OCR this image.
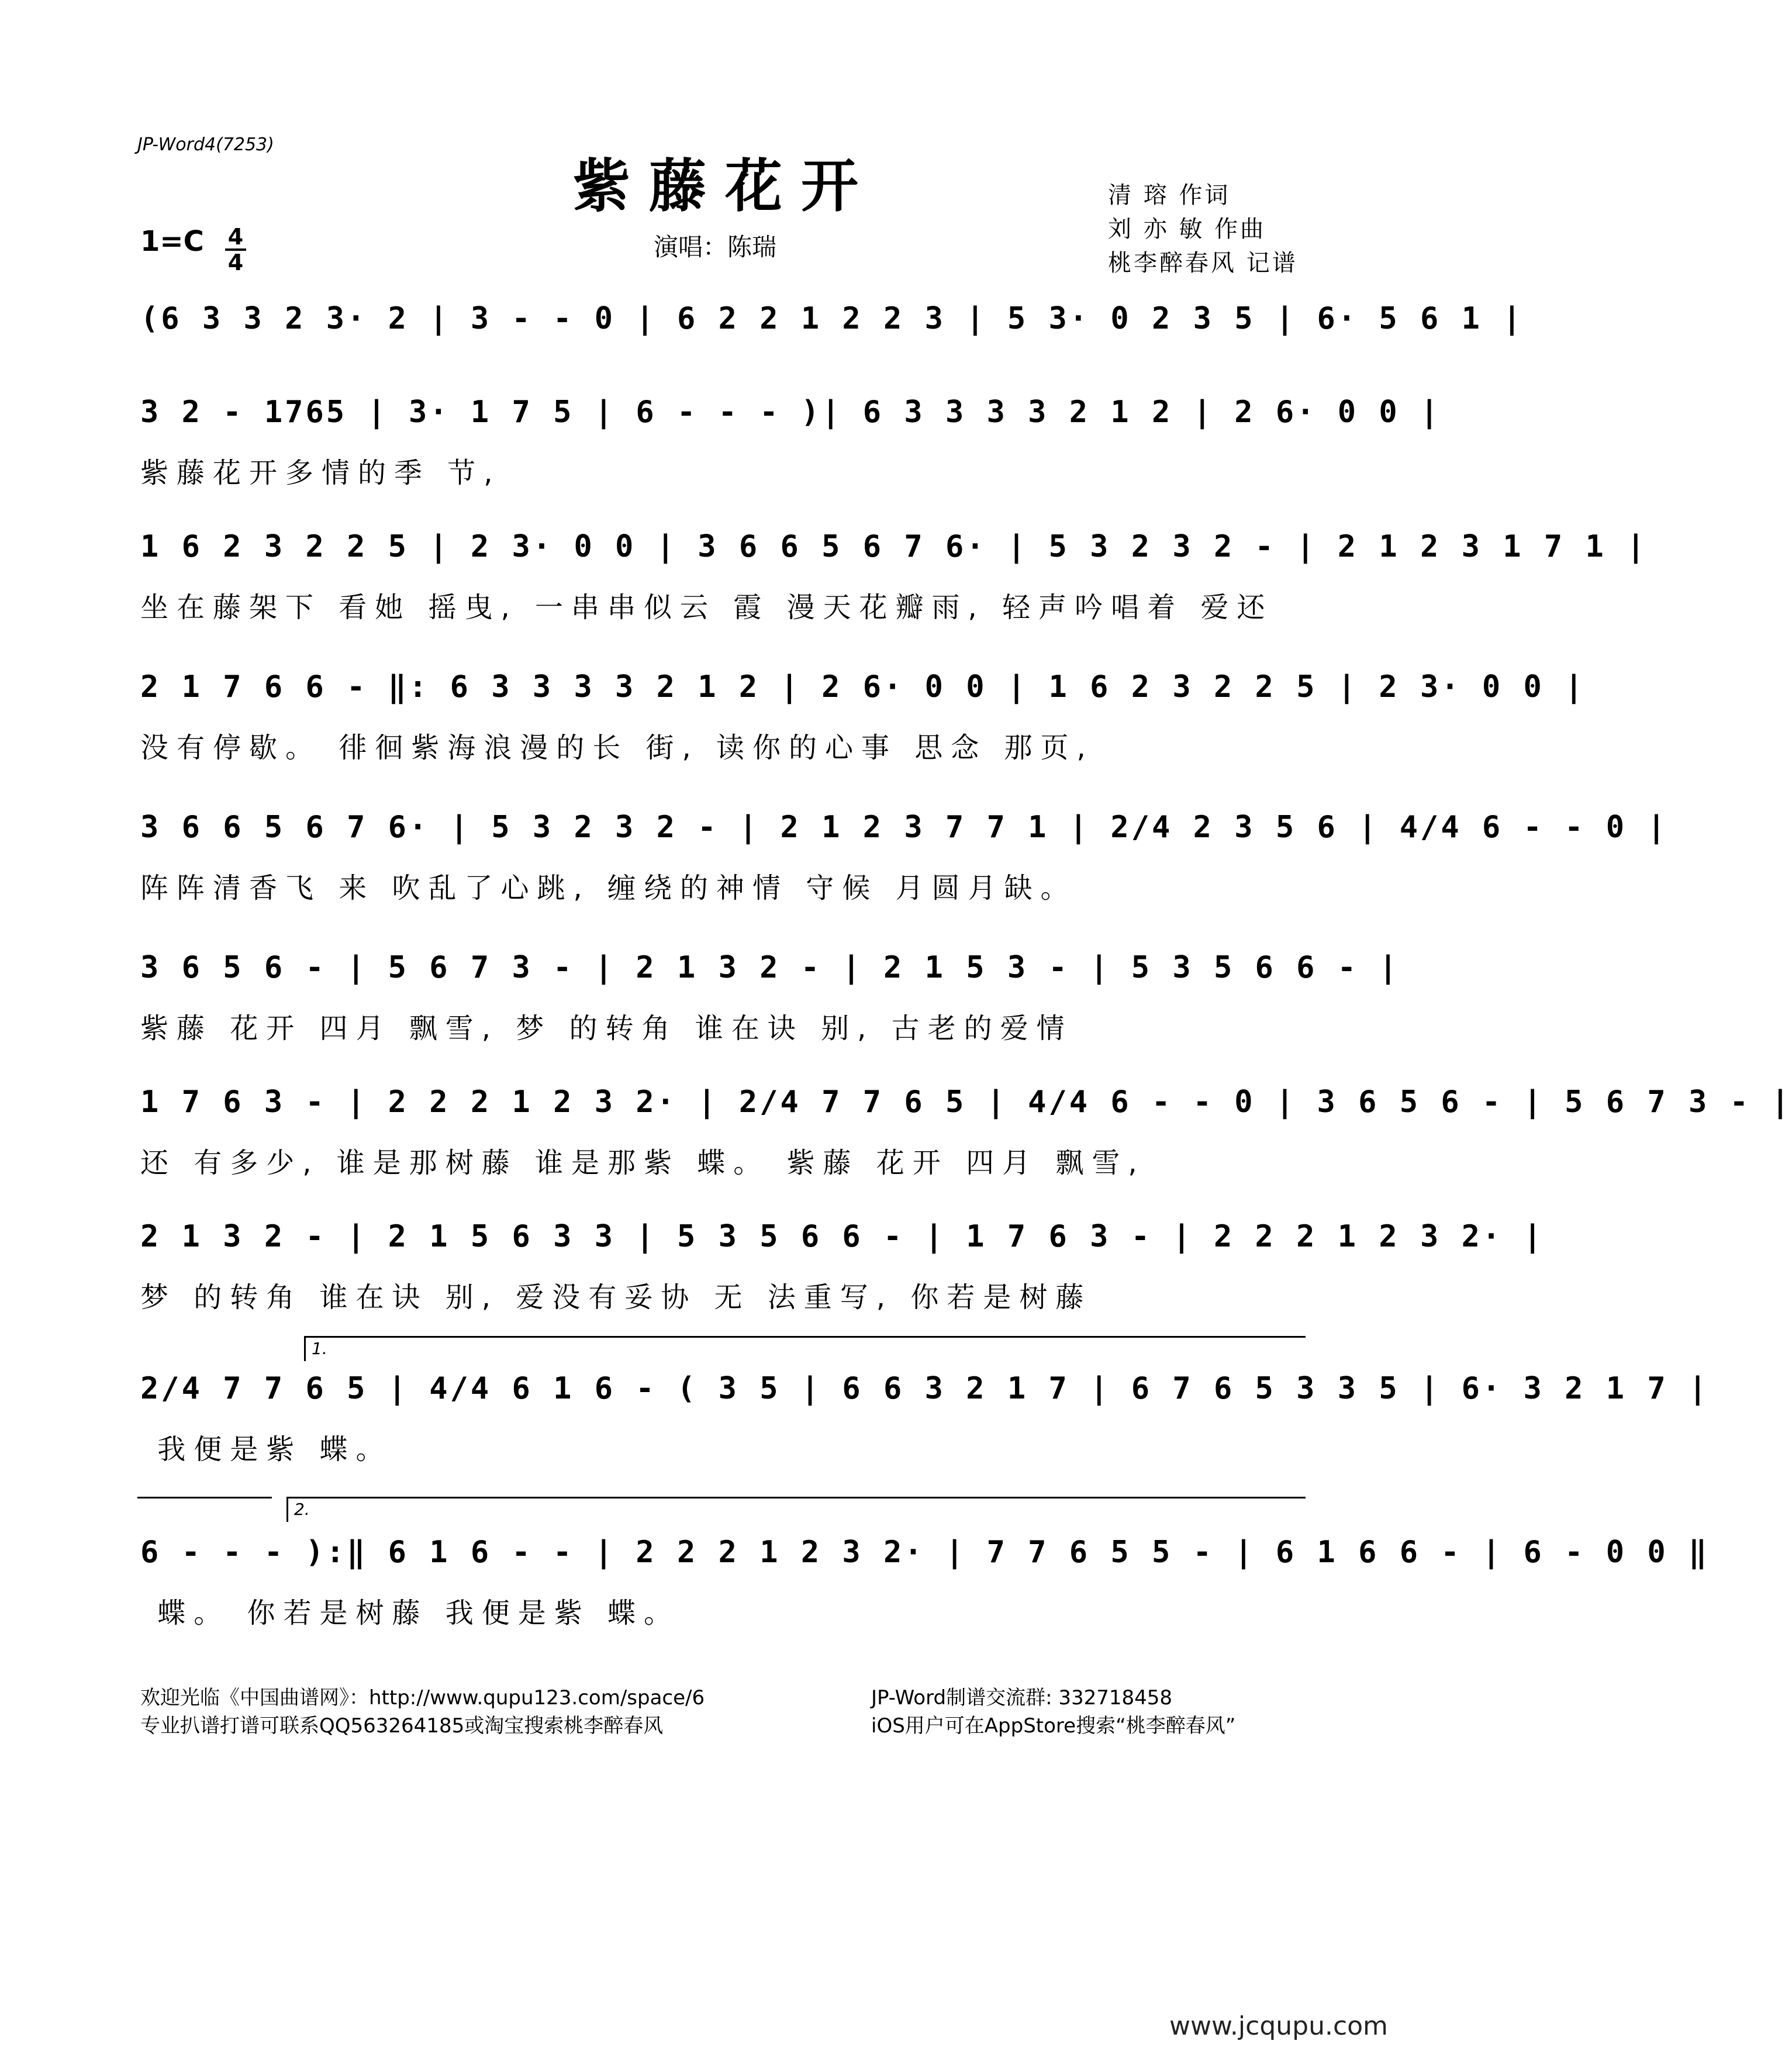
JP-Word4(7253)
紫藤花开
1=C 4
4
演唱：陈瑞
清 瑢 作词
刘 亦 敏 作曲
桃李醉春风 记谱
(6 3 3 2 3· 2 | 3 - - 0 | 6 2 2 1 2 2 3 | 5 3· 0 2 3 5 | 6· 5 6 1 |
3 2 - 1765 | 3· 1 7 5 | 6 - - - )| 6 3 3 3 3 2 1 2 | 2 6· 0 0 |
紫藤花开多情的季 节,
1 6 2 3 2 2 5 | 2 3· 0 0 | 3 6 6 5 6 7 6· | 5 3 2 3 2 - | 2 1 2 3 1 7 1 |
坐在藤架下 看她 摇曳, 一串串似云 霞 漫天花瓣雨, 轻声吟唱着 爱还
2 1 7 6 6 - ‖: 6 3 3 3 3 2 1 2 | 2 6· 0 0 | 1 6 2 3 2 2 5 | 2 3· 0 0 |
没有停歇。 徘徊紫海浪漫的长 街, 读你的心事 思念 那页,
3 6 6 5 6 7 6· | 5 3 2 3 2 - | 2 1 2 3 7 7 1 | 2/4 2 3 5 6 | 4/4 6 - - 0 |
阵阵清香飞 来 吹乱了心跳, 缠绕的神情 守候 月圆月缺。
3 6 5 6 - | 5 6 7 3 - | 2 1 3 2 - | 2 1 5 3 - | 5 3 5 6 6 - |
紫藤 花开 四月 飘雪, 梦 的转角 谁在诀 别, 古老的爱情
1 7 6 3 - | 2 2 2 1 2 3 2· | 2/4 7 7 6 5 | 4/4 6 - - 0 | 3 6 5 6 - | 5 6 7 3 - |
还 有多少, 谁是那树藤 谁是那紫 蝶。 紫藤 花开 四月 飘雪,
2 1 3 2 - | 2 1 5 6 3 3 | 5 3 5 6 6 - | 1 7 6 3 - | 2 2 2 1 2 3 2· |
梦 的转角 谁在诀 别, 爱没有妥协 无 法重写, 你若是树藤
1.
2/4 7 7 6 5 | 4/4 6 1 6 - ( 3 5 | 6 6 3 2 1 7 | 6 7 6 5 3 3 5 | 6· 3 2 1 7 |
我便是紫 蝶。
2.
6 - - - ):‖ 6 1 6 - - | 2 2 2 1 2 3 2· | 7 7 6 5 5 - | 6 1 6 6 - | 6 - 0 0 ‖
蝶。 你若是树藤 我便是紫 蝶。
欢迎光临《中国曲谱网》：http://www.qupu123.com/space/6
专业扒谱打谱可联系QQ563264185或淘宝搜索桃李醉春风
JP-Word制谱交流群: 332718458
iOS用户可在AppStore搜索“桃李醉春风”
www.jcqupu.com
